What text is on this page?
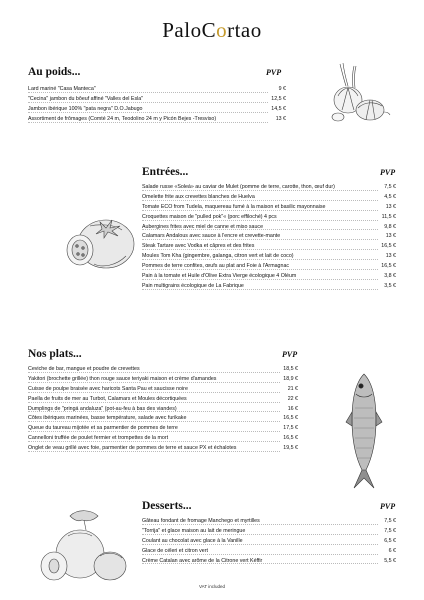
PaloCortao
Au poids...	PVP
Lard mariné "Casa Manteca"	9 €
"Cecina" jambon du bôeuf affiné "Valles del Esla"	12,5 €
Jambon ibérique 100% "pata negra" D.O.Jabugo	14,5 €
Assortiment de frômages (Comté 24 m, Teodolino 24 m y Picón Bejes -Tresviso)	13 €
Entrées...	PVP
Salade russe «Soleá» au caviar de Mulet (pomme de terre, carotte, thon, œuf dur)	7,5 €
Omelette frite aux crevettes blanches de Huelva	4,5 €
Tomate ECO from Tudela, maquereau fumé à la maison et basilic mayonnaise	13 €
Croquettes maison de "pulled pok"« (porc effiloché) 4 pcs	11,5 €
Aubergines frites avec miel de canne et miso sauce	9,8 €
Calamars Andalous avec sauce à l'encre et crevette-mante	13 €
Steak Tartare avec Vodka et câpres et des frites	16,5 €
Moules Tom Kha (gingembre, galanga, citron vert et lait de coco)	13 €
Pommes de terre confites, œufs au plat and Foie à l'Armagnac	16,5 €
Pain à la tomate et Huile d'Olive Extra Vierge écologique 4 Oléum	3,8 €
Pain multigrains écologique de La Fabrique	3,5 €
Nos plats...	PVP
Ceviche de bar, mangue et poudre de crevettes	18,5 €
Yakitori (brochette grillée) thon rouge sauce teriyaki maison et crème d'amandes	18,9 €
Cuisse de poulpe braisée avec haricots Santa Pau et saucisse noire	21 €
Paella de fruits de mer au Turbot, Calamars et Moules décortiquées	22 €
Dumplings de "pringá andaluza" (pot-au-feu à bas des viandes)	16 €
Côtes ibériques marinées, basse température, salade avec furikake	16,5 €
Queue du taureau mijotée et sa parmentier de pommes de terre	17,5 €
Cannelloni truffée de poulet fermier et trompettes de la mort	16,5 €
Onglet de veau grillé avec foie, parmentier de pommes de terre et sauce PX et échalotes	19,5 €
Desserts...	PVP
Gâteau fondant de fromage Manchego et myrtilles	7,5 €
"Torrija" et glace maison au lait de meringue	7,5 €
Coulant au chocolat avec glace à la Vanille	6,5 €
Glace de céleri et citron vert	6 €
Crème Catalan avec arôme de la Citrone vert Kéffir	5,5 €
VAT included
